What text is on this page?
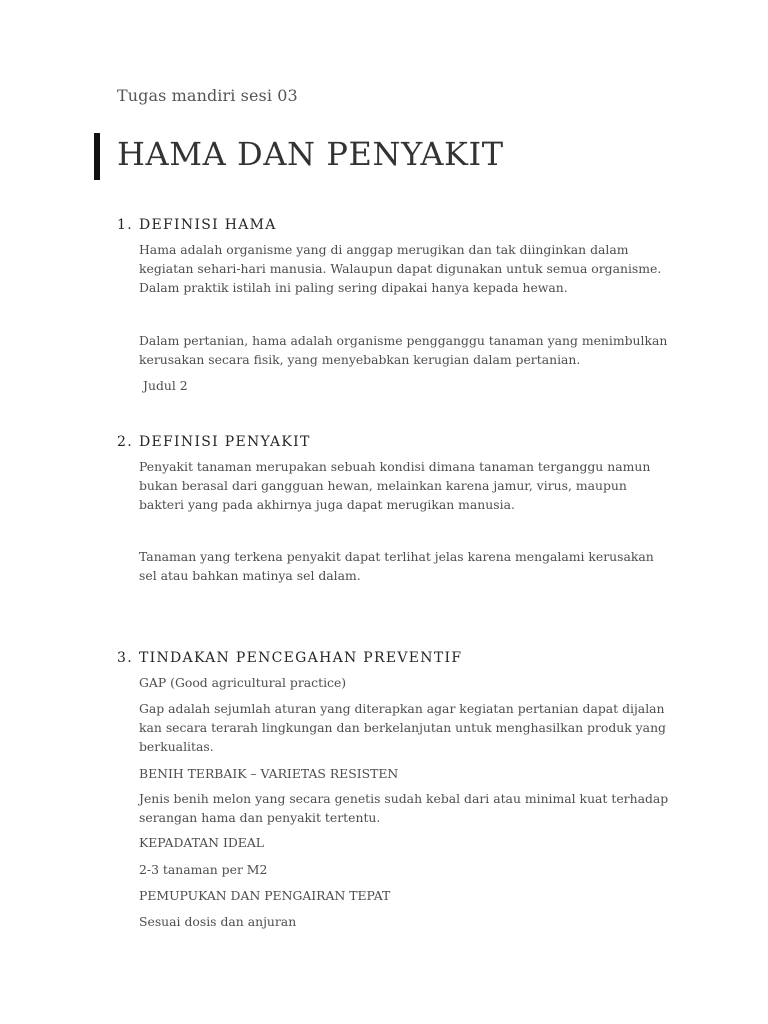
Tugas mandiri sesi 03
HAMA DAN PENYAKIT
1. DEFINISI HAMA
Hama adalah organisme yang di anggap merugikan dan tak diinginkan dalam
kegiatan sehari-hari manusia. Walaupun dapat digunakan untuk semua organisme.
Dalam praktik istilah ini paling sering dipakai hanya kepada hewan.
Dalam pertanian, hama adalah organisme pengganggu tanaman yang menimbulkan
kerusakan secara fisik, yang menyebabkan kerugian dalam pertanian.
Judul 2
2. DEFINISI PENYAKIT
Penyakit tanaman merupakan sebuah kondisi dimana tanaman terganggu namun
bukan berasal dari gangguan hewan, melainkan karena jamur, virus, maupun
bakteri yang pada akhirnya juga dapat merugikan manusia.
Tanaman yang terkena penyakit dapat terlihat jelas karena mengalami kerusakan
sel atau bahkan matinya sel dalam.
3. TINDAKAN PENCEGAHAN PREVENTIF
GAP (Good agricultural practice)
Gap adalah sejumlah aturan yang diterapkan agar kegiatan pertanian dapat dijalan
kan secara terarah lingkungan dan berkelanjutan untuk menghasilkan produk yang
berkualitas.
BENIH TERBAIK – VARIETAS RESISTEN
Jenis benih melon yang secara genetis sudah kebal dari atau minimal kuat terhadap
serangan hama dan penyakit tertentu.
KEPADATAN IDEAL
2-3 tanaman per M2
PEMUPUKAN DAN PENGAIRAN TEPAT
Sesuai dosis dan anjuran
